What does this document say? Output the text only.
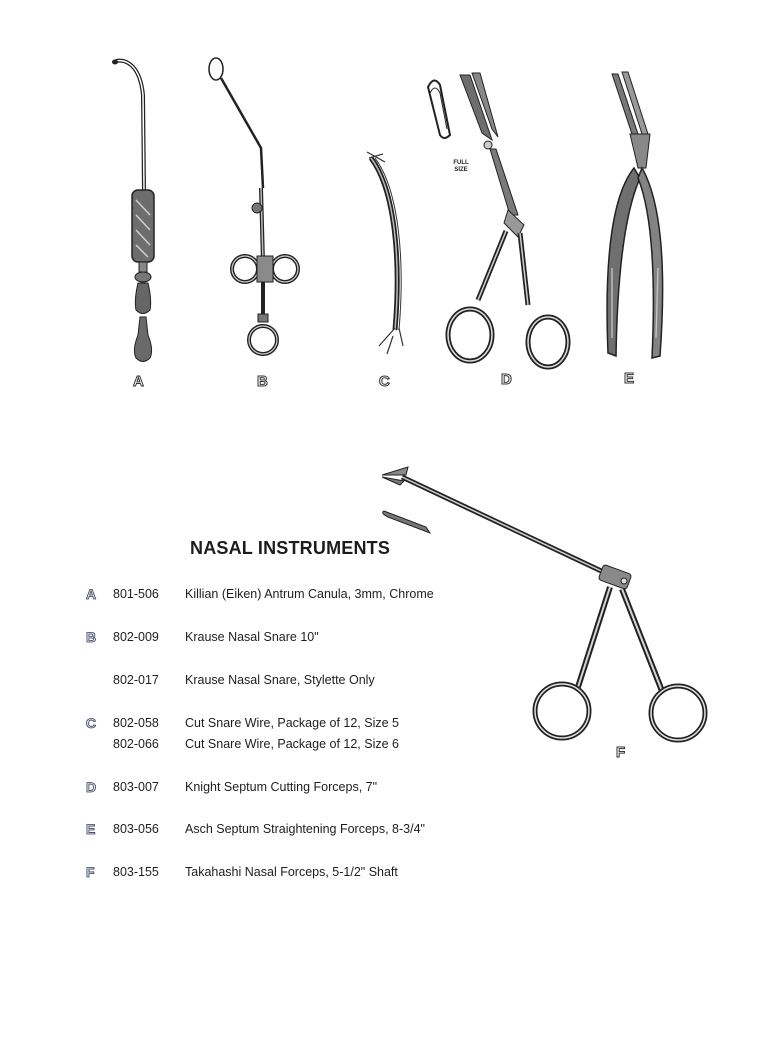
A	B	C
FULL
SIZE
D	E
F
NASAL INSTRUMENTS
A	801-506 Killian (Eiken) Antrum Canula, 3mm, Chrome
B	802-009 Krause Nasal Snare 10"
802-017 Krause Nasal Snare, Stylette Only
C	802-058 Cut Snare Wire, Package of 12, Size 5
802-066 Cut Snare Wire, Package of 12, Size 6
D	803-007 Knight Septum Cutting Forceps, 7"
E	803-056 Asch Septum Straightening Forceps, 8-3/4"
F	803-155 Takahashi Nasal Forceps, 5-1/2" Shaft
